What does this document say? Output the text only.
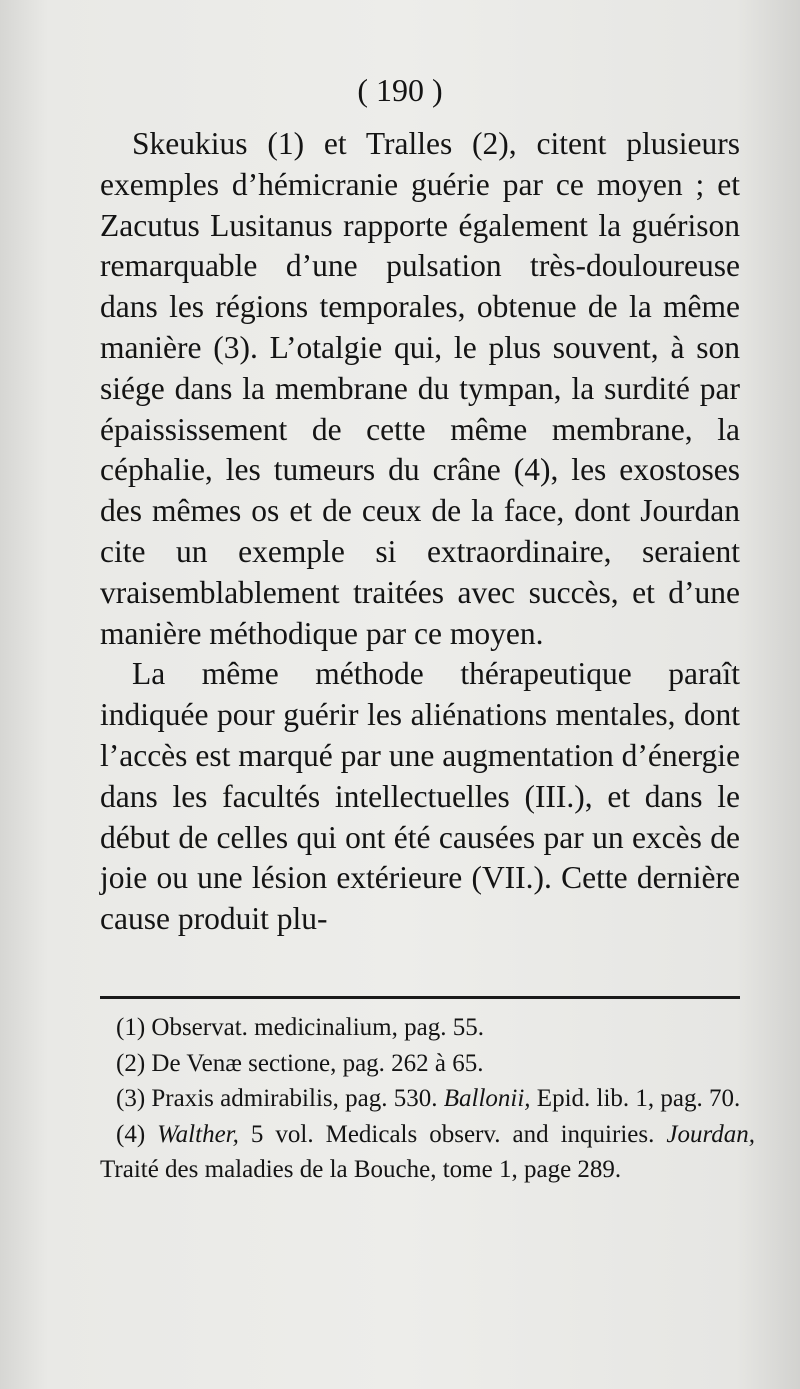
( 190 )

Skeukius (1) et Tralles (2), citent plusieurs exemples d’hémicranie guérie par ce moyen ; et Zacutus Lusitanus rapporte également la guérison remarquable d’une pulsation très-douloureuse dans les régions temporales, obtenue de la même manière (3). L’otalgie qui, le plus souvent, à son siége dans la membrane du tympan, la surdité par épaississement de cette même membrane, la céphalie, les tumeurs du crâne (4), les exostoses des mêmes os et de ceux de la face, dont Jourdan cite un exemple si extraordinaire, seraient vraisemblablement traitées avec succès, et d’une manière méthodique par ce moyen.

La même méthode thérapeutique paraît indiquée pour guérir les aliénations mentales, dont l’accès est marqué par une augmentation d’énergie dans les facultés intellectuelles (III.), et dans le début de celles qui ont été causées par un excès de joie ou une lésion extérieure (VII.). Cette dernière cause produit plu-

(1) Observat. medicinalium, pag. 55.

(2) De Venæ sectione, pag. 262 à 65.

(3) Praxis admirabilis, pag. 530. Ballonii, Epid. lib. 1, pag. 70.

(4) Walther, 5 vol. Medicals observ. and inquiries. Jourdan, Traité des maladies de la Bouche, tome 1, page 289.
